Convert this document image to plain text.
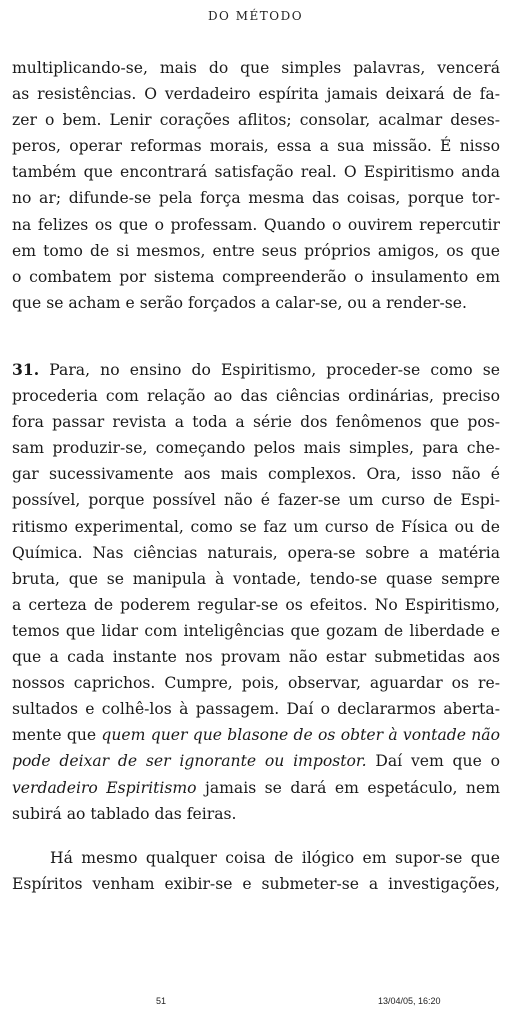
DO MÉTODO
multiplicando-se, mais do que simples palavras, vencerá
as resistências. O verdadeiro espírita jamais deixará de fa-
zer o bem. Lenir corações aflitos; consolar, acalmar deses-
peros, operar reformas morais, essa a sua missão. É nisso
também que encontrará satisfação real. O Espiritismo anda
no ar; difunde-se pela força mesma das coisas, porque tor-
na felizes os que o professam. Quando o ouvirem repercutir
em tomo de si mesmos, entre seus próprios amigos, os que
o combatem por sistema compreenderão o insulamento em
que se acham e serão forçados a calar-se, ou a render-se.
31. Para, no ensino do Espiritismo, proceder-se como se
procederia com relação ao das ciências ordinárias, preciso
fora passar revista a toda a série dos fenômenos que pos-
sam produzir-se, começando pelos mais simples, para che-
gar sucessivamente aos mais complexos. Ora, isso não é
possível, porque possível não é fazer-se um curso de Espi-
ritismo experimental, como se faz um curso de Física ou de
Química. Nas ciências naturais, opera-se sobre a matéria
bruta, que se manipula à vontade, tendo-se quase sempre
a certeza de poderem regular-se os efeitos. No Espiritismo,
temos que lidar com inteligências que gozam de liberdade e
que a cada instante nos provam não estar submetidas aos
nossos caprichos. Cumpre, pois, observar, aguardar os re-
sultados e colhê-los à passagem. Daí o declararmos aberta-
mente que quem quer que blasone de os obter à vontade não
pode deixar de ser ignorante ou impostor. Daí vem que o
verdadeiro Espiritismo jamais se dará em espetáculo, nem
subirá ao tablado das feiras.
Há mesmo qualquer coisa de ilógico em supor-se que
Espíritos venham exibir-se e submeter-se a investigações,
51	13/04/05, 16:20
